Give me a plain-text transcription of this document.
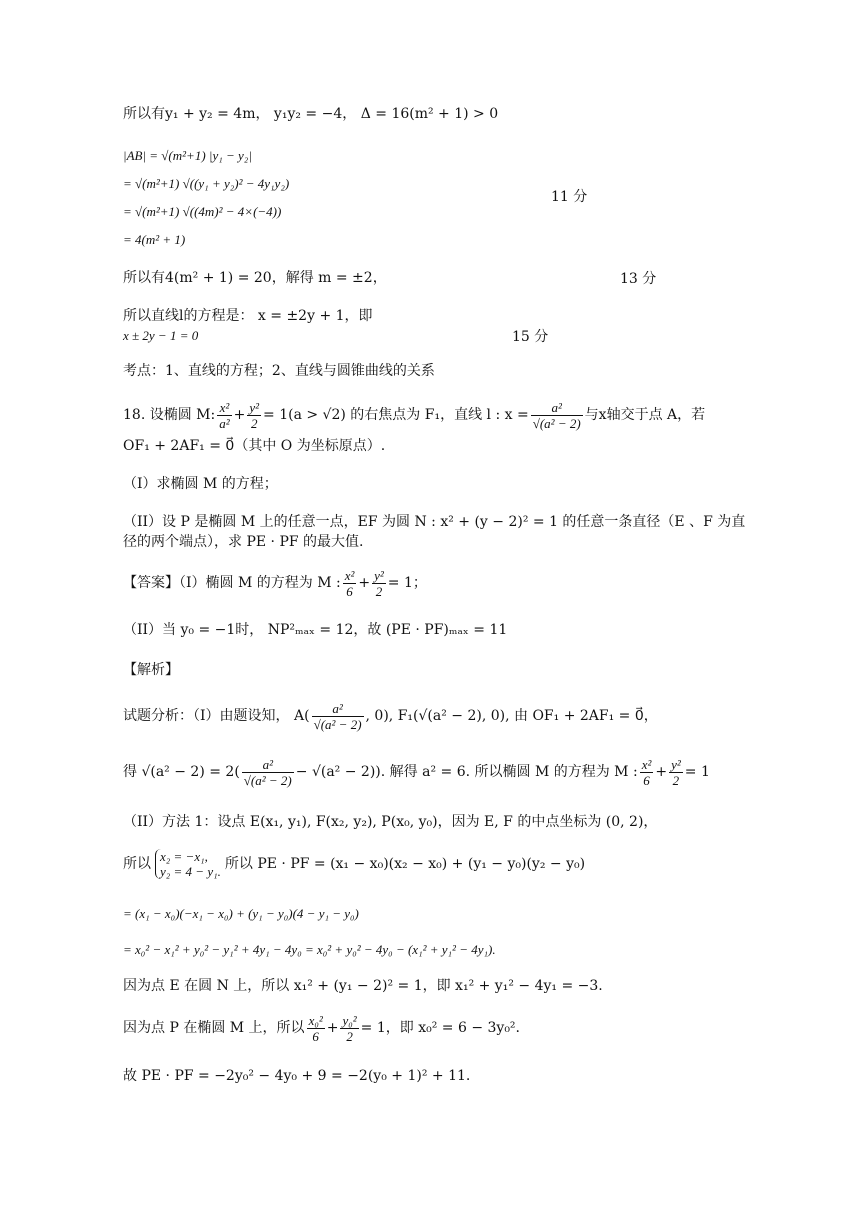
所以有y₁ + y₂ = 4m， y₁y₂ = −4， Δ = 16(m² + 1) > 0
|AB| = √(m²+1) |y₁ − y₂|
= √(m²+1) √((y₁ + y₂)² − 4y₁y₂)
= √(m²+1) √((4m)² − 4×(−4))
= 4(m² + 1)
11 分
所以有4(m² + 1) = 20，解得 m = ±2，	13 分
所以直线l的方程是： x = ±2y + 1，即
x ± 2y − 1 = 0	15 分
考点：1、直线的方程；2、直线与圆锥曲线的关系
18. 设椭圆 M: $\frac{\text{x²}}{\text{a²}} + \frac{\text{y²}}{2} = 1(a > √2)$ 的右焦点为 F₁，直线 l : $x = \frac{\text{a²}}{\text{√(a² − 2)}}$ 与x轴交于点 A，若
OF₁ + 2AF₁ = 0⃗（其中 O 为坐标原点）.
（I）求椭圆 M 的方程；
（II）设 P 是椭圆 M 上的任意一点，EF 为圆 N : x² + (y − 2)² = 1 的任意一条直径（E 、F 为直
径的两个端点），求 PE · PF 的最大值.
【答案】（I）椭圆 M 的方程为 M : $\frac{\text{x²}}{6} + \frac{\text{y²}}{2} = 1$；
（II）当 y₀ = −1时， NP²ₘₐₓ = 12，故 (PE · PF)ₘₐₓ = 11
【解析】
试题分析：（I）由题设知， $A( \frac{\text{a²}}{\text{√(a² − 2)}}$ , 0), F₁(√(a² − 2), 0), 由 OF₁ + 2AF₁ = 0⃗，
得 $√(a^2 - 2) = 2( \frac{\text{a²}}{\text{√(a² − 2)}} - √(a^2 - 2))$. 解得 a² = 6. 所以椭圆 M 的方程为 M : $\frac{\text{x²}}{6} + \frac{\text{y²}}{2} = 1$
（II）方法 1：设点 E(x₁, y₁), F(x₂, y₂), P(x₀, y₀)，因为 E, F 的中点坐标为 (0, 2)，
所以 x₂ = −x₁,
y₂ = 4 − y₁. 所以 PE · PF = (x₁ − x₀)(x₂ − x₀) + (y₁ − y₀)(y₂ − y₀)
= (x₁ − x₀)(−x₁ − x₀) + (y₁ − y₀)(4 − y₁ − y₀)
= x₀² − x₁² + y₀² − y₁² + 4y₁ − 4y₀ = x₀² + y₀² − 4y₀ − (x₁² + y₁² − 4y₁).
因为点 E 在圆 N 上，所以 x₁² + (y₁ − 2)² = 1，即 x₁² + y₁² − 4y₁ = −3.
因为点 P 在椭圆 M 上，所以 $\frac{\text{x₀²}}{6} + \frac{\text{y₀²}}{2} = 1$，即 x₀² = 6 − 3y₀².
故 PE · PF = −2y₀² − 4y₀ + 9 = −2(y₀ + 1)² + 11.
